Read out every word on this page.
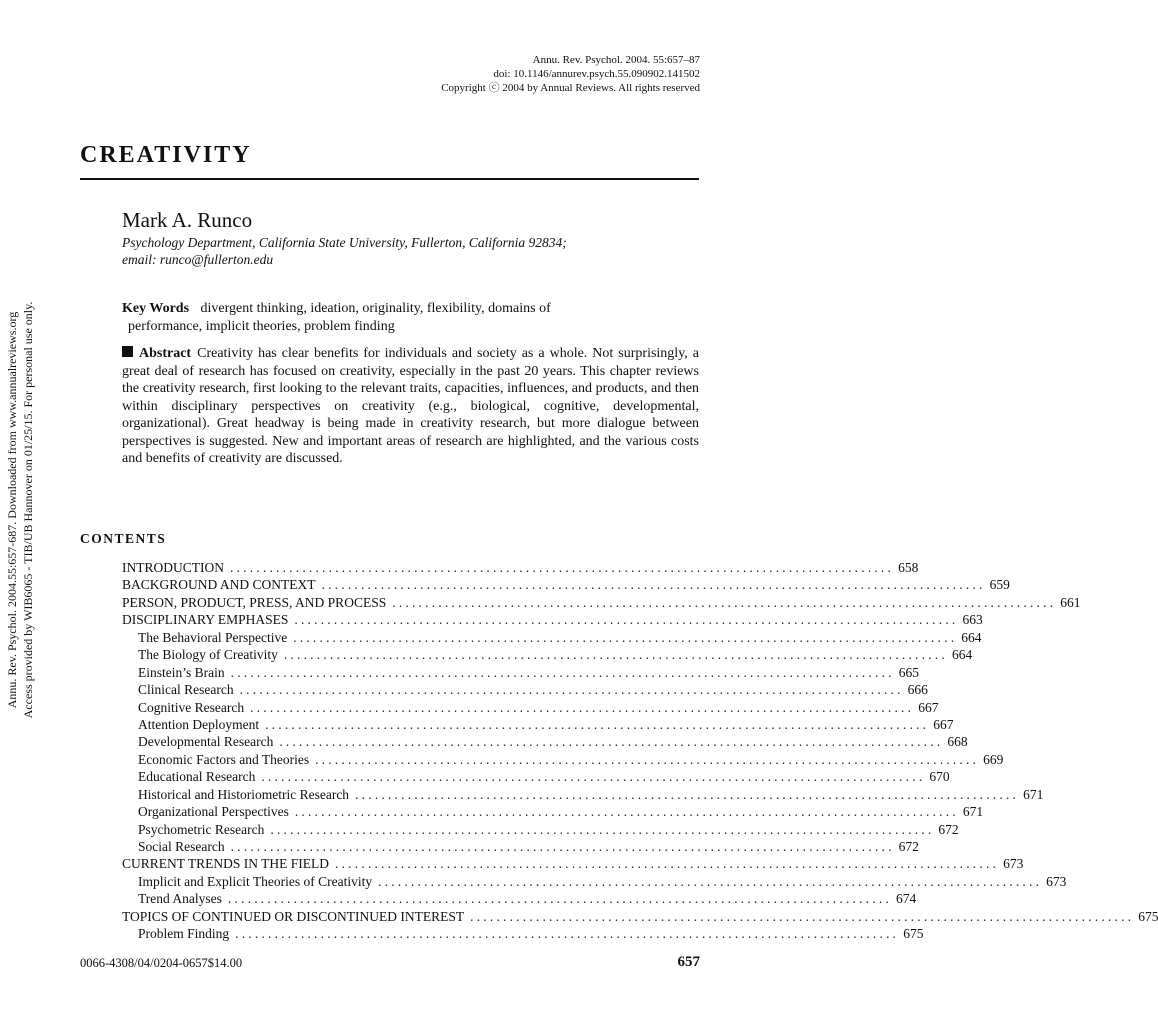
Annu. Rev. Psychol. 2004. 55:657–87
doi: 10.1146/annurev.psych.55.090902.141502
Copyright ⓒ 2004 by Annual Reviews. All rights reserved
CREATIVITY
Mark A. Runco
Psychology Department, California State University, Fullerton, California 92834;
email: runco@fullerton.edu
Annu. Rev. Psychol. 2004.55:657-687. Downloaded from www.annualreviews.org Access provided by WIB6065 - TIB/UB Hannover on 01/25/15. For personal use only.	Key Words divergent thinking, ideation, originality, flexibility, domains of
performance, implicit theories, problem finding
Abstract Creativity has clear benefits for individuals and society as a whole. Not surprisingly, a great deal of research has focused on creativity, especially in the past 20 years. This chapter reviews the creativity research, first looking to the relevant traits, capacities, influences, and products, and then within disciplinary perspectives on creativity (e.g., biological, cognitive, developmental, organizational). Great headway is being made in creativity research, but more dialogue between perspectives is suggested. New and important areas of research are highlighted, and the various costs and benefits of creativity are discussed.
CONTENTS
INTRODUCTION ..................................................................................................... 658
BACKGROUND AND CONTEXT ..................................................................................................... 659
PERSON, PRODUCT, PRESS, AND PROCESS ..................................................................................................... 661
DISCIPLINARY EMPHASES ..................................................................................................... 663
The Behavioral Perspective ..................................................................................................... 664
The Biology of Creativity ..................................................................................................... 664
Einstein’s Brain ..................................................................................................... 665
Clinical Research ..................................................................................................... 666
Cognitive Research ..................................................................................................... 667
Attention Deployment ..................................................................................................... 667
Developmental Research ..................................................................................................... 668
Economic Factors and Theories ..................................................................................................... 669
Educational Research ..................................................................................................... 670
Historical and Historiometric Research ..................................................................................................... 671
Organizational Perspectives ..................................................................................................... 671
Psychometric Research ..................................................................................................... 672
Social Research ..................................................................................................... 672
CURRENT TRENDS IN THE FIELD ..................................................................................................... 673
Implicit and Explicit Theories of Creativity ..................................................................................................... 673
Trend Analyses ..................................................................................................... 674
TOPICS OF CONTINUED OR DISCONTINUED INTEREST ..................................................................................................... 675
Problem Finding ..................................................................................................... 675
0066-4308/04/0204-0657$14.00	657
